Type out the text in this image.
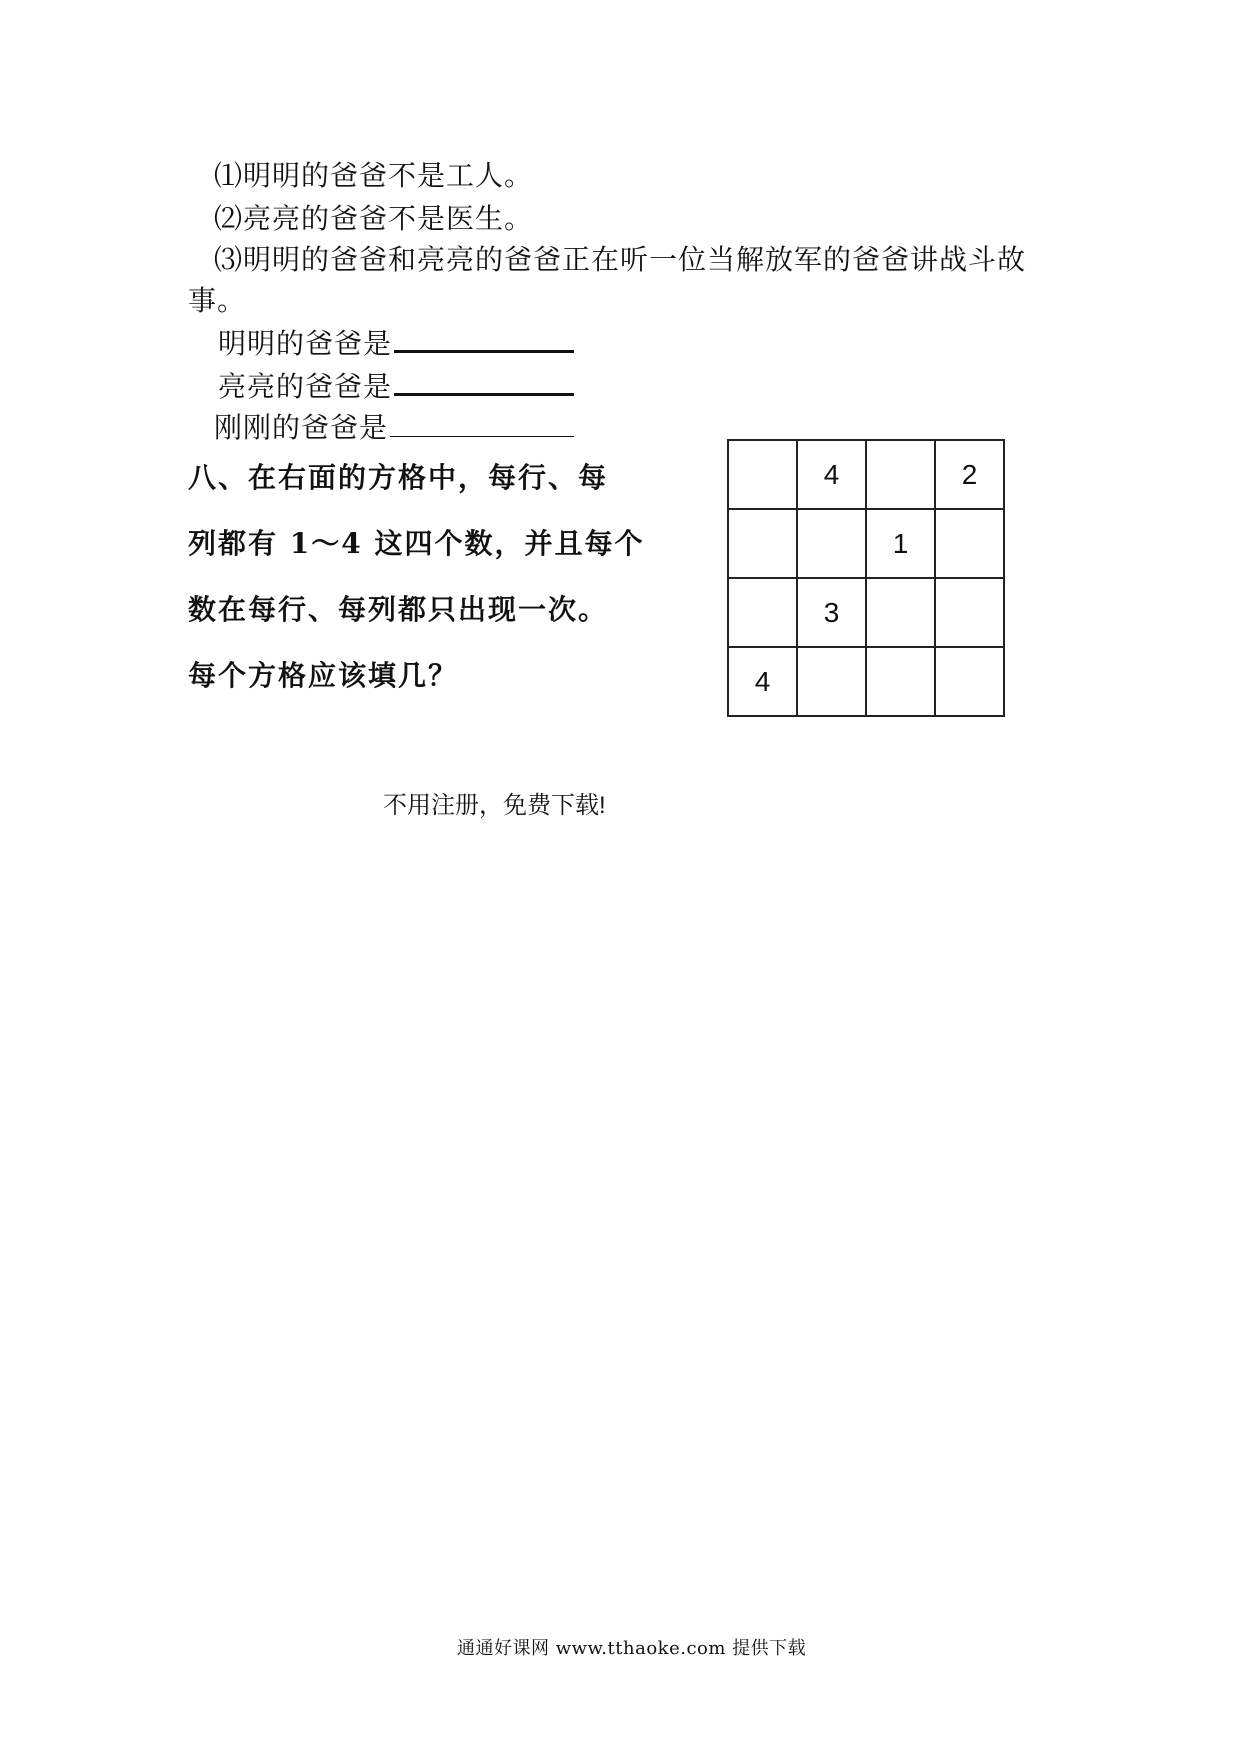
⑴明明的爸爸不是工人。
⑵亮亮的爸爸不是医生。
⑶明明的爸爸和亮亮的爸爸正在听一位当解放军的爸爸讲战斗故
事。
明明的爸爸是
亮亮的爸爸是
刚刚的爸爸是
八、在右面的方格中，每行、每
列都有 1～4 这四个数，并且每个
数在每行、每列都只出现一次。
每个方格应该填几？
	4		2
		1	
	3		
4			
不用注册，免费下载!
通通好课网 www.tthaoke.com 提供下载
